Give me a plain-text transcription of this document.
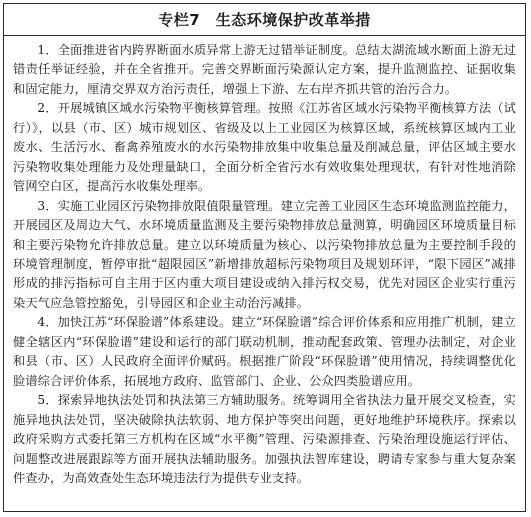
专栏7　生态环境保护改革举措

1．全面推进省内跨界断面水质异常上游无过错举证制度。总结太湖流域水断面上游无过错责任举证经验，并在全省推开。完善交界断面污染源认定方案，提升监测监控、证据收集和固定能力，厘清交界双方治污责任，增强上下游、左右岸齐抓共管的治污合力。

2．开展城镇区域水污染物平衡核算管理。按照《江苏省区域水污染物平衡核算方法（试行）》，以县（市、区）城市规划区、省级及以上工业园区为核算区域，系统核算区域内工业废水、生活污水、畜禽养殖废水的水污染物排放集中收集总量及削减总量，评估区域主要水污染物收集处理能力及处理量缺口，全面分析全省污水有效收集处理现状，有针对性地消除管网空白区，提高污水收集处理率。

3．实施工业园区污染物排放限值限量管理。建立完善工业园区生态环境监测监控能力，开展园区及周边大气、水环境质量监测及主要污染物排放总量测算，明确园区环境质量目标和主要污染物允许排放总量。建立以环境质量为核心、以污染物排放总量为主要控制手段的环境管理制度，暂停审批“超限园区”新增排放超标污染物项目及规划环评，“限下园区”减排形成的排污指标可自主用于区内重大项目建设或纳入排污权交易，优先对园区企业实行重污染天气应急管控豁免，引导园区和企业主动治污减排。

4．加快江苏“环保脸谱”体系建设。建立“环保脸谱”综合评价体系和应用推广机制，建立健全辖区内“环保脸谱”建设和运行的部门联动机制，推动配套政策、管理办法制定，对企业和县（市、区）人民政府全面评价赋码。根据推广阶段“环保脸谱”使用情况，持续调整优化脸谱综合评价体系，拓展地方政府、监管部门、企业、公众四类脸谱应用。

5．探索异地执法处罚和执法第三方辅助服务。统筹调用全省执法力量开展交叉检查，实施异地执法处罚，坚决破除执法软弱、地方保护等突出问题，更好地维护环境秩序。探索以政府采购方式委托第三方机构在区域“水平衡”管理、污染源排查、污染治理设施运行评估、问题整改进展跟踪等方面开展执法辅助服务。加强执法智库建设，聘请专家参与重大复杂案件查办，为高效查处生态环境违法行为提供专业支持。
